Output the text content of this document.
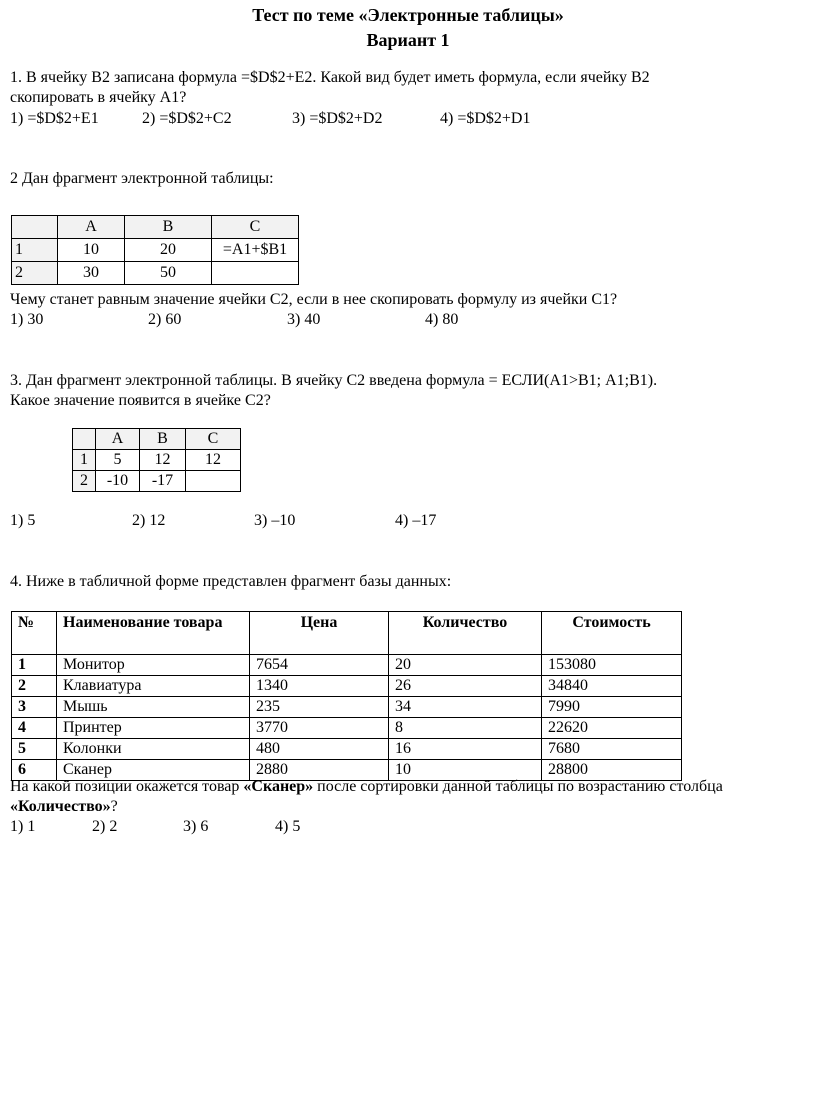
Тест по теме «Электронные таблицы»
Вариант 1
1. В ячейку В2 записана формула =$D$2+E2. Какой вид будет иметь формула, если ячейку В2
скопировать в ячейку А1?
1) =$D$2+E1	2) =$D$2+C2	3) =$D$2+D2	4) =$D$2+D1
2 Дан фрагмент электронной таблицы:
	A	B	C
1	10	20	=A1+$B1
2	30	50	
Чему станет равным значение ячейки С2, если в нее скопировать формулу из ячейки С1?
1) 30	2) 60	3) 40	4) 80
3. Дан фрагмент электронной таблицы. В ячейку С2 введена формула = ЕСЛИ(А1>В1; А1;В1).
Какое значение появится в ячейке С2?
	A	B	C
1	5	12	12
2	-10	-17	
1) 5	2) 12	3) –10	4) –17
4. Ниже в табличной форме представлен фрагмент базы данных:
№	Наименование товара	Цена	Количество	Стоимость
1	Монитор	7654	20	153080
2	Клавиатура	1340	26	34840
3	Мышь	235	34	7990
4	Принтер	3770	8	22620
5	Колонки	480	16	7680
6	Сканер	2880	10	28800
На какой позиции окажется товар «Сканер» после сортировки данной таблицы по возрастанию столбца
«Количество»?
1) 1	2) 2	3) 6	4) 5
